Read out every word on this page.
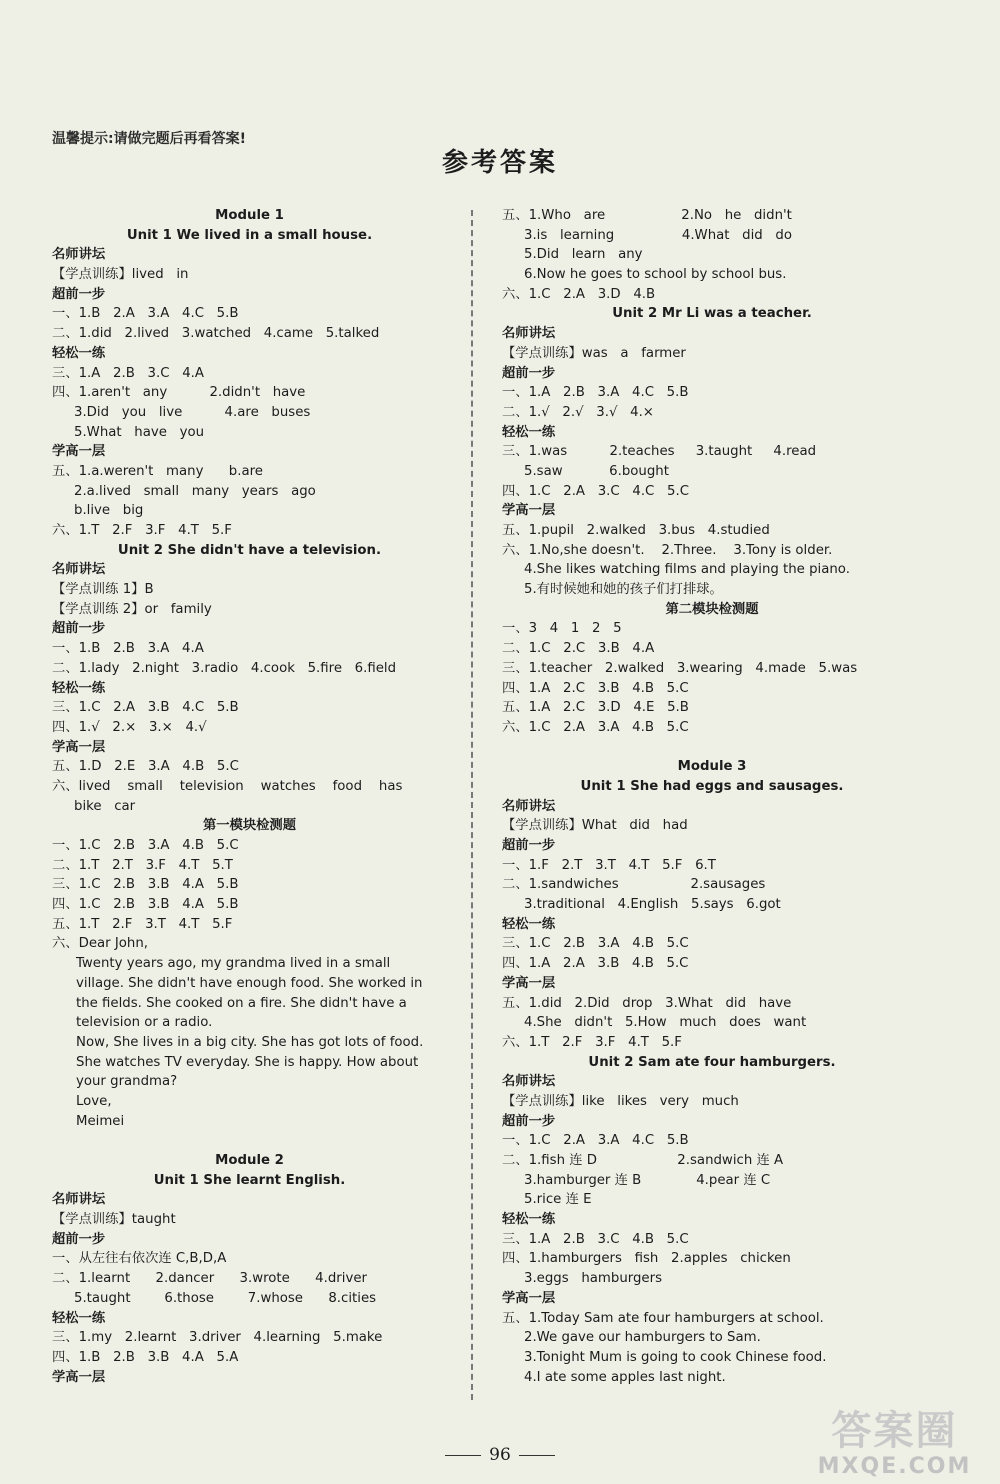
温馨提示:请做完题后再看答案!
参考答案
Module 1
Unit 1 We lived in a small house.
名师讲坛
【学点训练】lived   in
超前一步
一、1.B   2.A   3.A   4.C   5.B
二、1.did   2.lived   3.watched   4.came   5.talked
轻松一练
三、1.A   2.B   3.C   4.A
四、1.aren't   any          2.didn't   have
3.Did   you   live          4.are   buses
5.What   have   you
学高一层
五、1.a.weren't   many      b.are
2.a.lived   small   many   years   ago
b.live   big
六、1.T   2.F   3.F   4.T   5.F
Unit 2 She didn't have a television.
名师讲坛
【学点训练 1】B
【学点训练 2】or   family
超前一步
一、1.B   2.B   3.A   4.A
二、1.lady   2.night   3.radio   4.cook   5.fire   6.field
轻松一练
三、1.C   2.A   3.B   4.C   5.B
四、1.√   2.×   3.×   4.√
学高一层
五、1.D   2.E   3.A   4.B   5.C
六、lived    small    television    watches    food    has
bike   car
第一模块检测题
一、1.C   2.B   3.A   4.B   5.C
二、1.T   2.T   3.F   4.T   5.T
三、1.C   2.B   3.B   4.A   5.B
四、1.C   2.B   3.B   4.A   5.B
五、1.T   2.F   3.T   4.T   5.F
六、Dear John,
Twenty years ago, my grandma lived in a small
village. She didn't have enough food. She worked in
the fields. She cooked on a fire. She didn't have a
television or a radio.
Now, She lives in a big city. She has got lots of food.
She watches TV everyday. She is happy. How about
your grandma?
Love,
Meimei
Module 2
Unit 1 She learnt English.
名师讲坛
【学点训练】taught
超前一步
一、从左往右依次连 C,B,D,A
二、1.learnt      2.dancer      3.wrote      4.driver
5.taught        6.those        7.whose      8.cities
轻松一练
三、1.my   2.learnt   3.driver   4.learning   5.make
四、1.B   2.B   3.B   4.A   5.A
学高一层
五、1.Who   are                  2.No   he   didn't
3.is   learning                4.What   did   do
5.Did   learn   any
6.Now he goes to school by school bus.
六、1.C   2.A   3.D   4.B
Unit 2 Mr Li was a teacher.
名师讲坛
【学点训练】was   a   farmer
超前一步
一、1.A   2.B   3.A   4.C   5.B
二、1.√   2.√   3.√   4.×
轻松一练
三、1.was          2.teaches     3.taught     4.read
5.saw           6.bought
四、1.C   2.A   3.C   4.C   5.C
学高一层
五、1.pupil   2.walked   3.bus   4.studied
六、1.No,she doesn't.    2.Three.    3.Tony is older.
4.She likes watching films and playing the piano.
5.有时候她和她的孩子们打排球。
第二模块检测题
一、3   4   1   2   5
二、1.C   2.C   3.B   4.A
三、1.teacher   2.walked   3.wearing   4.made   5.was
四、1.A   2.C   3.B   4.B   5.C
五、1.A   2.C   3.D   4.E   5.B
六、1.C   2.A   3.A   4.B   5.C
Module 3
Unit 1 She had eggs and sausages.
名师讲坛
【学点训练】What   did   had
超前一步
一、1.F   2.T   3.T   4.T   5.F   6.T
二、1.sandwiches                 2.sausages
3.traditional   4.English   5.says   6.got
轻松一练
三、1.C   2.B   3.A   4.B   5.C
四、1.A   2.A   3.B   4.B   5.C
学高一层
五、1.did   2.Did   drop   3.What   did   have
4.She   didn't   5.How   much   does   want
六、1.T   2.F   3.F   4.T   5.F
Unit 2 Sam ate four hamburgers.
名师讲坛
【学点训练】like   likes   very   much
超前一步
一、1.C   2.A   3.A   4.C   5.B
二、1.fish 连 D                   2.sandwich 连 A
3.hamburger 连 B             4.pear 连 C
5.rice 连 E
轻松一练
三、1.A   2.B   3.C   4.B   5.C
四、1.hamburgers   fish   2.apples   chicken
3.eggs   hamburgers
学高一层
五、1.Today Sam ate four hamburgers at school.
2.We gave our hamburgers to Sam.
3.Tonight Mum is going to cook Chinese food.
4.I ate some apples last night.
96
答案圈
MXQE.COM
